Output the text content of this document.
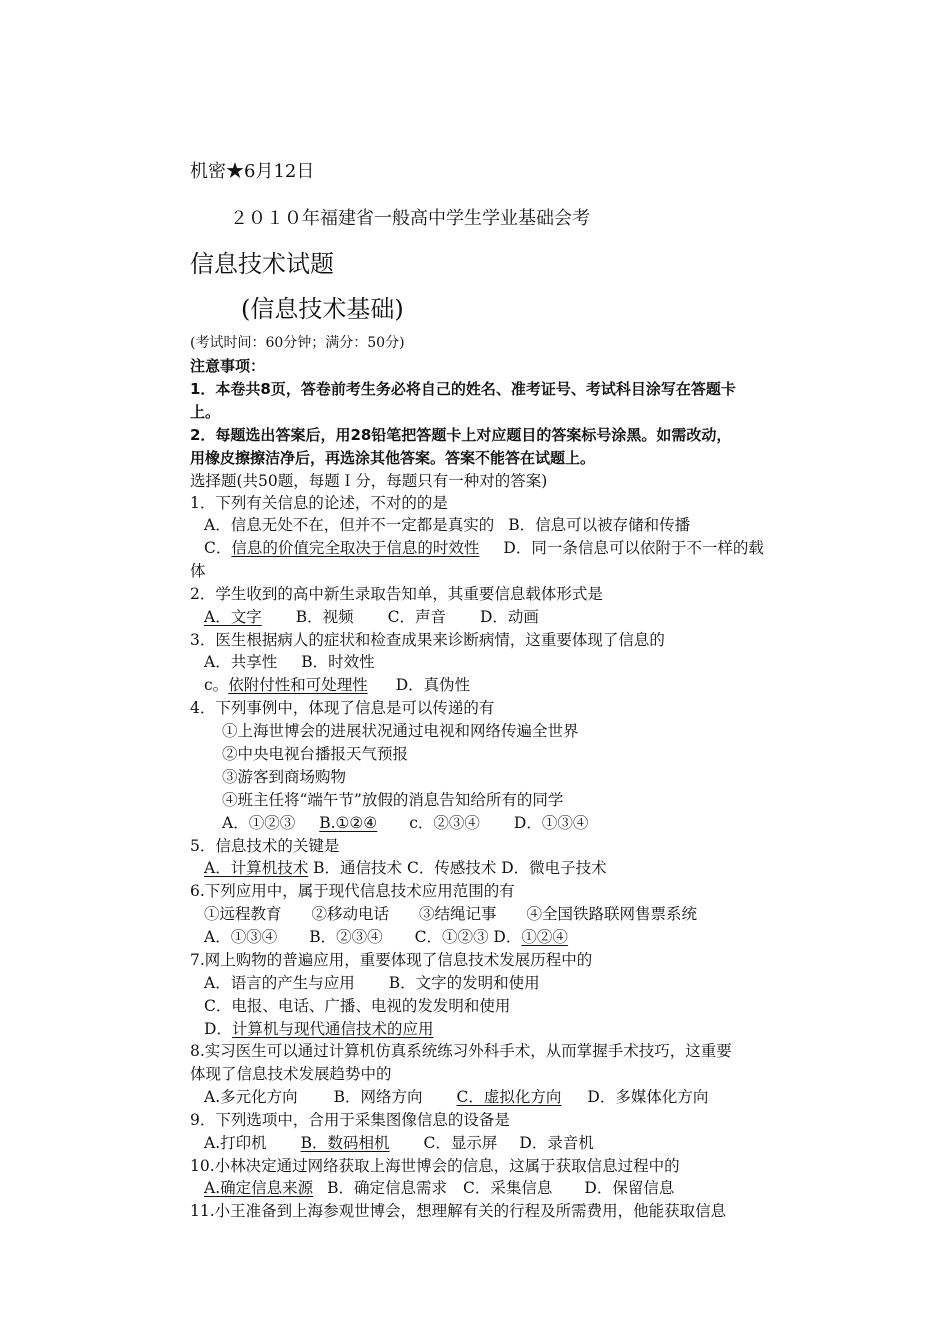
机密★6月12日
２０１０年福建省一般高中学生学业基础会考
信息技术试题
(信息技术基础)
(考试时间：60分钟；满分：50分)
注意事项：
1．本卷共8页，答卷前考生务必将自己的姓名、准考证号、考试科目涂写在答题卡
上。
2．每题选出答案后，用28铅笔把答题卡上对应题目的答案标号涂黑。如需改动，
用橡皮擦擦洁净后，再选涂其他答案。答案不能答在试题上。
选择题(共50题，每题Ｉ分，每题只有一种对的答案)
1．下列有关信息的论述，不对的的是
A．信息无处不在，但并不一定都是真实的 B．信息可以被存储和传播
C．信息的价值完全取决于信息的时效性 D．同一条信息可以依附于不一样的载
体
2．学生收到的高中新生录取告知单，其重要信息载体形式是
A．文字 B．视频 C．声音 D．动画
3．医生根据病人的症状和检查成果来诊断病情，这重要体现了信息的
A．共享性 B．时效性
c。依附付性和可处理性 D．真伪性
4．下列事例中，体现了信息是可以传递的有
①上海世博会的进展状况通过电视和网络传遍全世界
②中央电视台播报天气预报
③游客到商场购物
④班主任将“端午节”放假的消息告知给所有的同学
A．①②③ B.①②④ c．②③④ D．①③④
5．信息技术的关键是
A．计算机技术 B．通信技术 C．传感技术 D．微电子技术
6.下列应用中，属于现代信息技术应用范围的有
①远程教育 ②移动电话 ③结绳记事 ④全国铁路联网售票系统
A．①③④ B．②③④ C．①②③ D．①②④
7.网上购物的普遍应用，重要体现了信息技术发展历程中的
A．语言的产生与应用 B．文字的发明和使用
C．电报、电话、广播、电视的发发明和使用
D．计算机与现代通信技术的应用
8.实习医生可以通过计算机仿真系统练习外科手术，从而掌握手术技巧，这重要
体现了信息技术发展趋势中的
A.多元化方向 B．网络方向 C．虚拟化方向 D．多媒体化方向
9．下列选项中，合用于采集图像信息的设备是
A.打印机 B．数码相机 C．显示屏 D．录音机
10.小林决定通过网络获取上海世博会的信息，这属于获取信息过程中的
A.确定信息来源 B．确定信息需求 C．采集信息 D．保留信息
11.小王准备到上海参观世博会，想理解有关的行程及所需费用，他能获取信息
